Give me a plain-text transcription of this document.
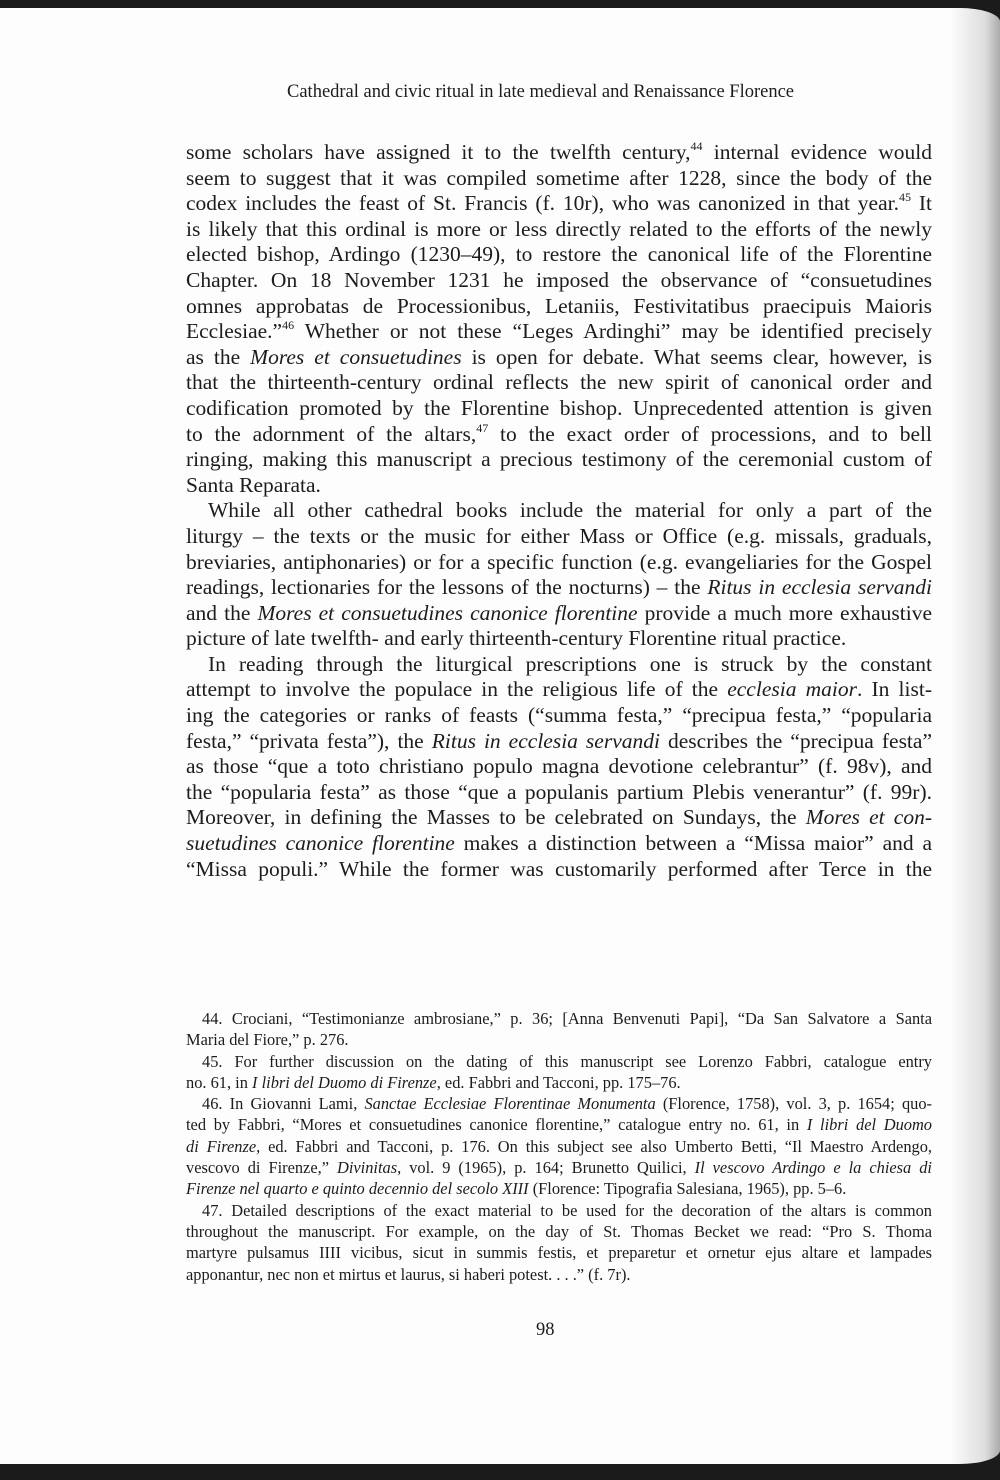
Cathedral and civic ritual in late medieval and Renaissance Florence
some scholars have assigned it to the twelfth century,$^{44}$ internal evidence would
seem to suggest that it was compiled sometime after 1228, since the body of the
codex includes the feast of St. Francis (f. 10r), who was canonized in that year.$^{45}$ It
is likely that this ordinal is more or less directly related to the efforts of the newly
elected bishop, Ardingo (1230–49), to restore the canonical life of the Florentine
Chapter. On 18 November 1231 he imposed the observance of “consuetudines
omnes approbatas de Processionibus, Letaniis, Festivitatibus praecipuis Maioris
Ecclesiae.”$^{46}$ Whether or not these “Leges Ardinghi” may be identified precisely
as the Mores et consuetudines is open for debate. What seems clear, however, is
that the thirteenth-century ordinal reflects the new spirit of canonical order and
codification promoted by the Florentine bishop. Unprecedented attention is given
to the adornment of the altars,$^{47}$ to the exact order of processions, and to bell
ringing, making this manuscript a precious testimony of the ceremonial custom of
Santa Reparata.
While all other cathedral books include the material for only a part of the
liturgy – the texts or the music for either Mass or Office (e.g. missals, graduals,
breviaries, antiphonaries) or for a specific function (e.g. evangeliaries for the Gospel
readings, lectionaries for the lessons of the nocturns) – the Ritus in ecclesia servandi
and the Mores et consuetudines canonice florentine provide a much more exhaustive
picture of late twelfth- and early thirteenth-century Florentine ritual practice.
In reading through the liturgical prescriptions one is struck by the constant
attempt to involve the populace in the religious life of the ecclesia maior. In list-
ing the categories or ranks of feasts (“summa festa,” “precipua festa,” “popularia
festa,” “privata festa”), the Ritus in ecclesia servandi describes the “precipua festa”
as those “que a toto christiano populo magna devotione celebrantur” (f. 98v), and
the “popularia festa” as those “que a populanis partium Plebis venerantur” (f. 99r).
Moreover, in defining the Masses to be celebrated on Sundays, the Mores et con-
suetudines canonice florentine makes a distinction between a “Missa maior” and a
“Missa populi.” While the former was customarily performed after Terce in the
44. Crociani, “Testimonianze ambrosiane,” p. 36; [Anna Benvenuti Papi], “Da San Salvatore a Santa
Maria del Fiore,” p. 276.
45. For further discussion on the dating of this manuscript see Lorenzo Fabbri, catalogue entry
no. 61, in I libri del Duomo di Firenze, ed. Fabbri and Tacconi, pp. 175–76.
46. In Giovanni Lami, Sanctae Ecclesiae Florentinae Monumenta (Florence, 1758), vol. 3, p. 1654; quo-
ted by Fabbri, “Mores et consuetudines canonice florentine,” catalogue entry no. 61, in I libri del Duomo
di Firenze, ed. Fabbri and Tacconi, p. 176. On this subject see also Umberto Betti, “Il Maestro Ardengo,
vescovo di Firenze,” Divinitas, vol. 9 (1965), p. 164; Brunetto Quilici, Il vescovo Ardingo e la chiesa di
Firenze nel quarto e quinto decennio del secolo XIII (Florence: Tipografia Salesiana, 1965), pp. 5–6.
47. Detailed descriptions of the exact material to be used for the decoration of the altars is common
throughout the manuscript. For example, on the day of St. Thomas Becket we read: “Pro S. Thoma
martyre pulsamus IIII vicibus, sicut in summis festis, et preparetur et ornetur ejus altare et lampades
apponantur, nec non et mirtus et laurus, si haberi potest. . . .” (f. 7r).
98
